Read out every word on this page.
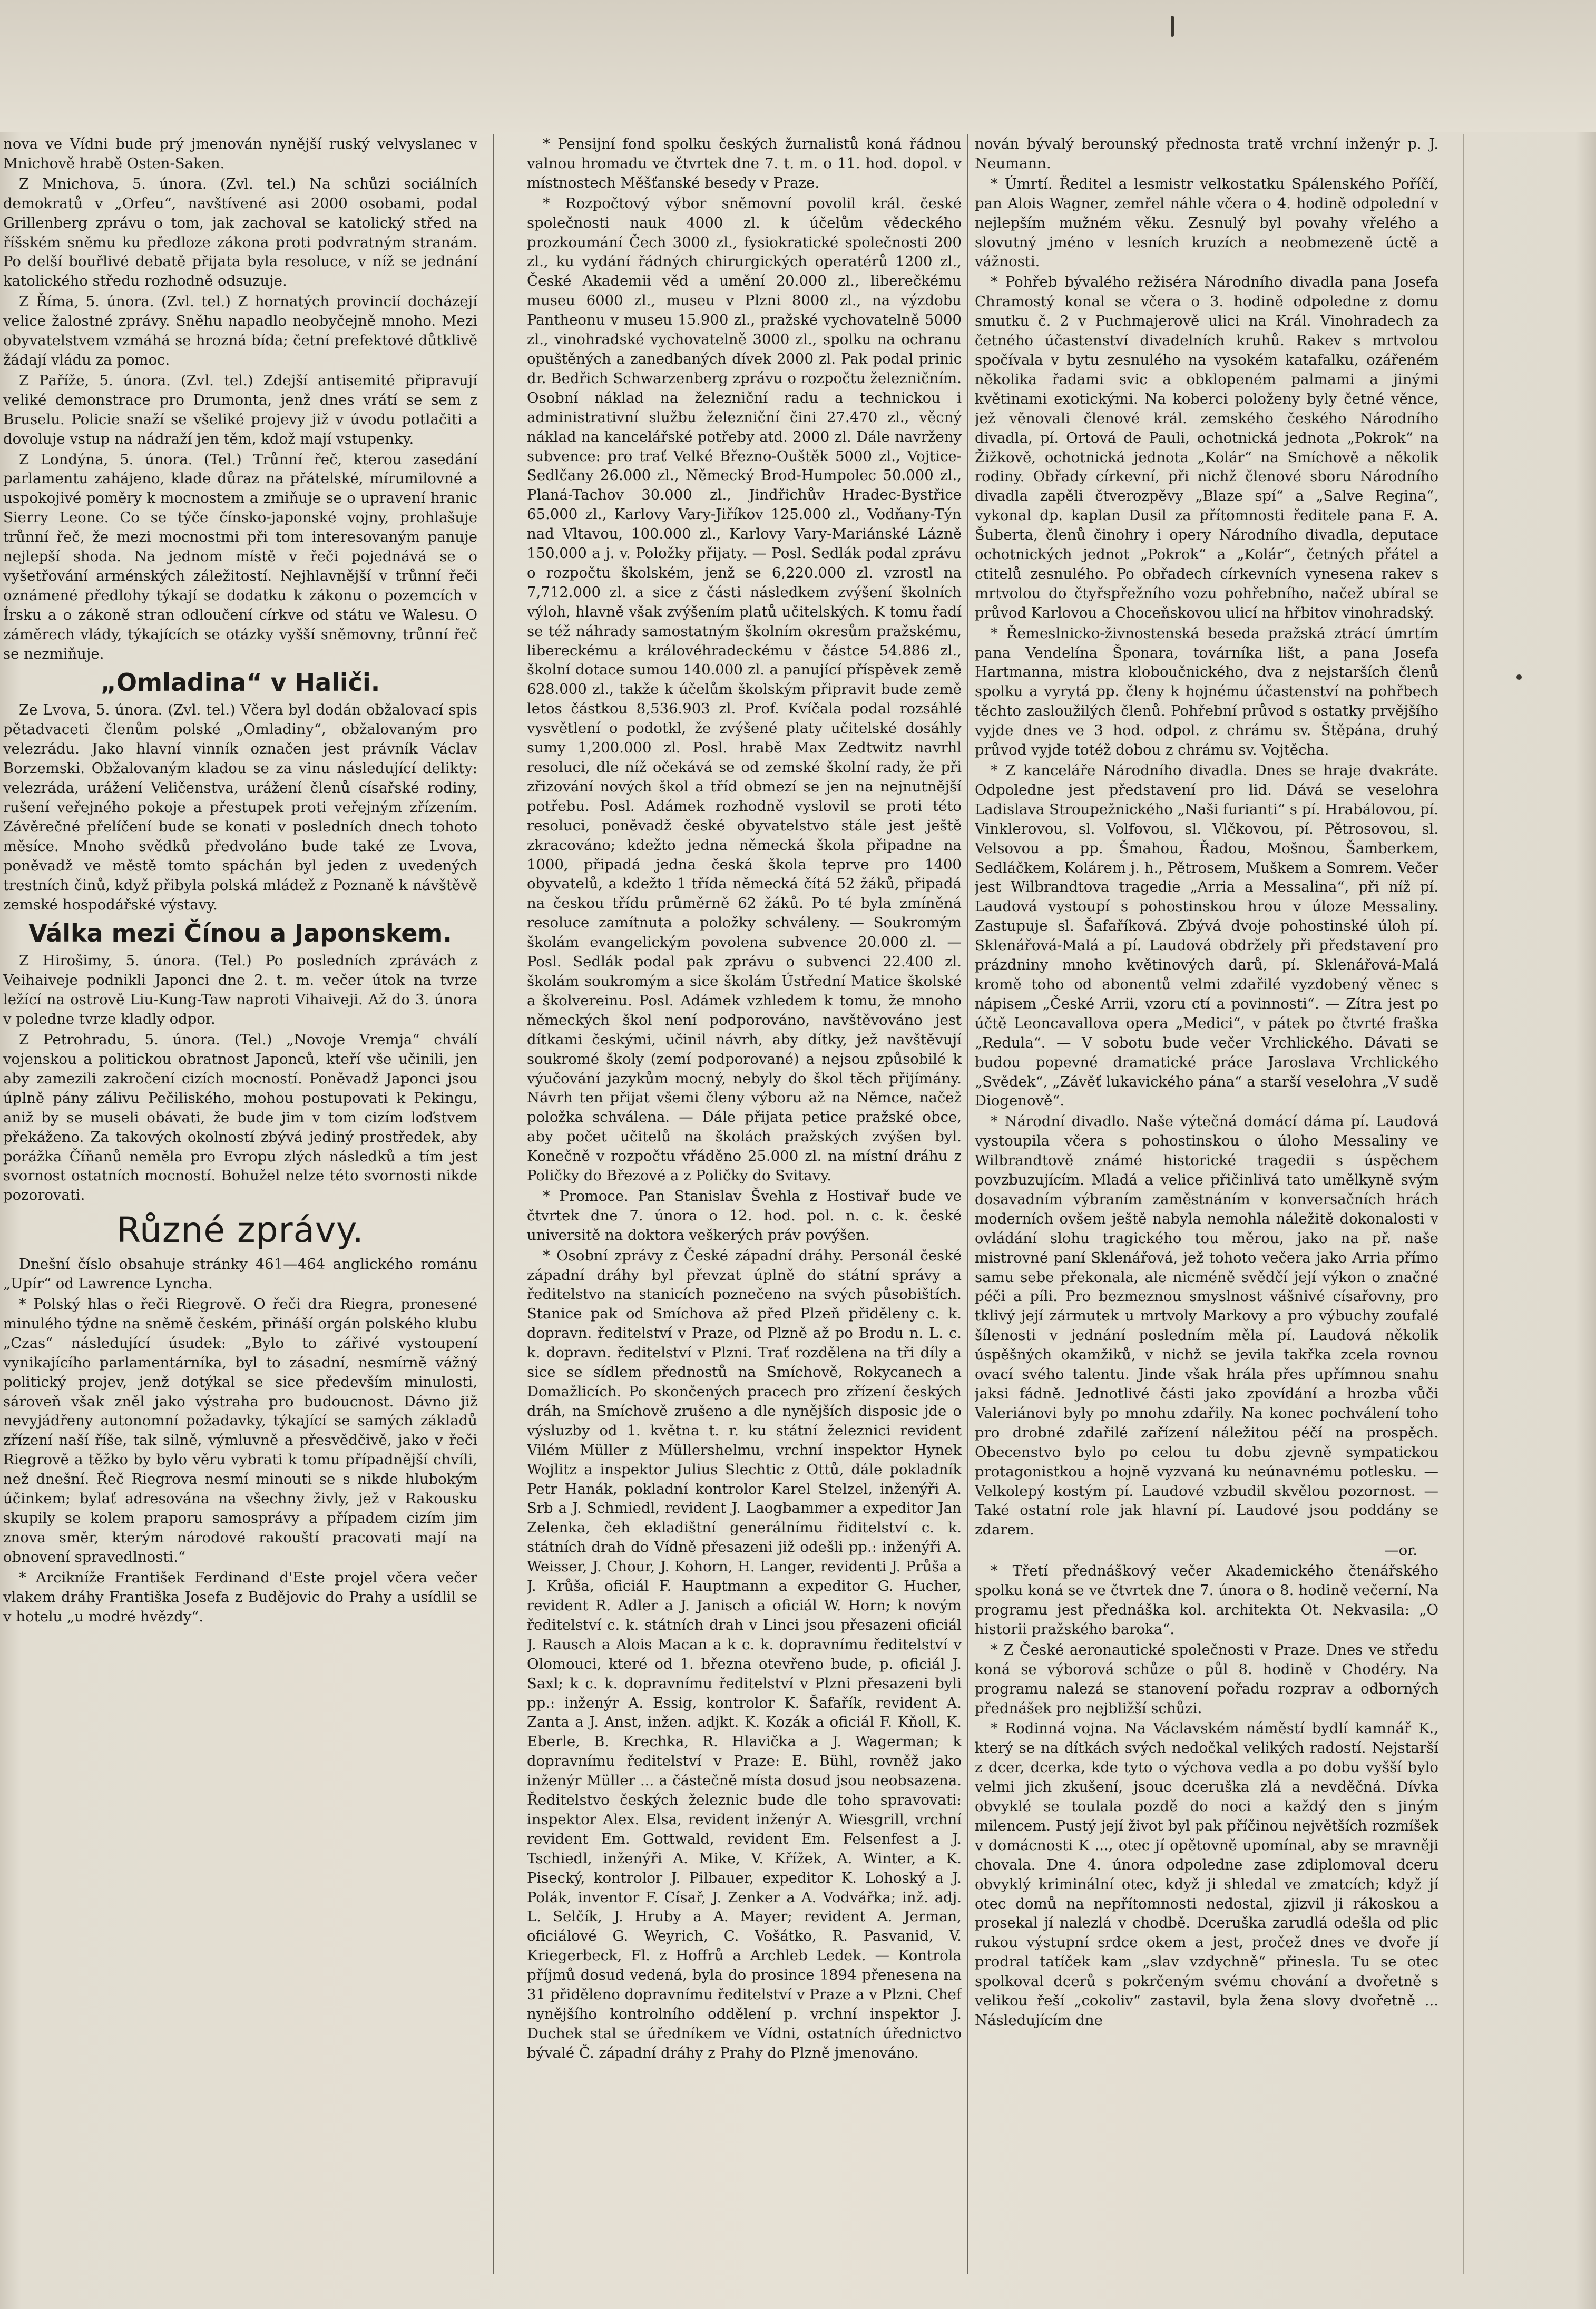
nova ve Vídni bude prý jmenován nynější ruský velvyslanec v Mnichově hrabě Osten-Saken.

Z Mnichova, 5. února. (Zvl. tel.) Na schůzi sociálních demokratů v „Orfeu“, navštívené asi 2000 osobami, podal Grillenberg zprávu o tom, jak zachoval se katolický střed na říšském sněmu ku předloze zákona proti podvratným stranám. Po delší bouřlivé debatě přijata byla resoluce, v níž se jednání katolického středu rozhodně odsuzuje.

Z Říma, 5. února. (Zvl. tel.) Z hornatých provincií docházejí velice žalostné zprávy. Sněhu napadlo neobyčejně mnoho. Mezi obyvatelstvem vzmáhá se hrozná bída; četní prefektové důtklivě žádají vládu za pomoc.

Z Paříže, 5. února. (Zvl. tel.) Zdejší antisemité připravují veliké demonstrace pro Drumonta, jenž dnes vrátí se sem z Bruselu. Policie snaží se všeliké projevy již v úvodu potlačiti a dovoluje vstup na nádraží jen těm, kdož mají vstupenky.

Z Londýna, 5. února. (Tel.) Trůnní řeč, kterou zasedání parlamentu zahájeno, klade důraz na přátelské, mírumilovné a uspokojivé poměry k mocnostem a zmiňuje se o upravení hranic Sierry Leone. Co se týče čínsko-japonské vojny, prohlašuje trůnní řeč, že mezi mocnostmi při tom interesovaným panuje nejlepší shoda. Na jednom místě v řeči pojednává se o vyšetřování arménských záležitostí. Nejhlavnější v trůnní řeči oznámené předlohy týkají se dodatku k zákonu o pozemcích v Írsku a o zákoně stran odloučení církve od státu ve Walesu. O záměrech vlády, týkajících se otázky vyšší sněmovny, trůnní řeč se nezmiňuje.

„Omladina“ v Haliči.

Ze Lvova, 5. února. (Zvl. tel.) Včera byl dodán obžalovací spis pětadvaceti členům polské „Omladiny“, obžalovaným pro velezrádu. Jako hlavní vinník označen jest právník Václav Borzemski. Obžalovaným kladou se za vinu následující delikty: velezráda, urážení Veličenstva, urážení členů císařské rodiny, rušení veřejného pokoje a přestupek proti veřejným zřízením. Závěrečné přelíčení bude se konati v posledních dnech tohoto měsíce. Mnoho svědků předvoláno bude také ze Lvova, poněvadž ve městě tomto spáchán byl jeden z uvedených trestních činů, když přibyla polská mládež z Poznaně k návštěvě zemské hospodářské výstavy.

Válka mezi Čínou a Japonskem.

Z Hirošimy, 5. února. (Tel.) Po posledních zprávách z Veihaiveje podnikli Japonci dne 2. t. m. večer útok na tvrze ležící na ostrově Liu-Kung-Taw naproti Vihaiveji. Až do 3. února v poledne tvrze kladly odpor.

Z Petrohradu, 5. února. (Tel.) „Novoje Vremja“ chválí vojenskou a politickou obratnost Japonců, kteří vše učinili, jen aby zamezili zakročení cizích mocností. Poněvadž Japonci jsou úplně pány zálivu Pečiliského, mohou postupovati k Pekingu, aniž by se museli obávati, že bude jim v tom cizím loďstvem překáženo. Za takových okolností zbývá jediný prostředek, aby porážka Číňanů neměla pro Evropu zlých následků a tím jest svornost ostatních mocností. Bohužel nelze této svornosti nikde pozorovati.

Různé zprávy.

Dnešní číslo obsahuje stránky 461—464 anglického románu „Upír“ od Lawrence Lyncha.

* Polský hlas o řeči Riegrově. O řeči dra Riegra, pronesené minulého týdne na sněmě českém, přináší orgán polského klubu „Czas“ následující úsudek: „Bylo to zářivé vystoupení vynikajícího parlamentárníka, byl to zásadní, nesmírně vážný politický projev, jenž dotýkal se sice především minulosti, sároveň však zněl jako výstraha pro budoucnost. Dávno již nevyjádřeny autonomní požadavky, týkající se samých základů zřízení naší říše, tak silně, výmluvně a přesvědčivě, jako v řeči Riegrově a těžko by bylo věru vybrati k tomu případnější chvíli, než dnešní. Řeč Riegrova nesmí minouti se s nikde hlubokým účinkem; bylať adresována na všechny živly, jež v Rakousku skupily se kolem praporu samosprávy a případem cizím jim znova směr, kterým národové rakouští pracovati mají na obnovení spravedlnosti.“

* Arcikníže František Ferdinand d'Este projel včera večer vlakem dráhy Františka Josefa z Budějovic do Prahy a usídlil se v hotelu „u modré hvězdy“.

* Pensijní fond spolku českých žurnalistů koná řádnou valnou hromadu ve čtvrtek dne 7. t. m. o 11. hod. dopol. v místnostech Měšťanské besedy v Praze.

* Rozpočtový výbor sněmovní povolil král. české společnosti nauk 4000 zl. k účelům vědeckého prozkoumání Čech 3000 zl., fysiokratické společnosti 200 zl., ku vydání řádných chirurgických operatérů 1200 zl., České Akademii věd a umění 20.000 zl., liberečkému museu 6000 zl., museu v Plzni 8000 zl., na výzdobu Pantheonu v museu 15.900 zl., pražské vychovatelně 5000 zl., vinohradské vychovatelně 3000 zl., spolku na ochranu opuštěných a zanedbaných dívek 2000 zl. Pak podal prinic dr. Bedřich Schwarzenberg zprávu o rozpočtu železničním. Osobní náklad na železniční radu a technickou i administrativní službu železniční čini 27.470 zl., věcný náklad na kancelářské potřeby atd. 2000 zl. Dále navrženy subvence: pro trať Velké Březno-Ouštěk 5000 zl., Vojtice-Sedlčany 26.000 zl., Německý Brod-Humpolec 50.000 zl., Planá-Tachov 30.000 zl., Jindřichův Hradec-Bystřice 65.000 zl., Karlovy Vary-Jiříkov 125.000 zl., Vodňany-Týn nad Vltavou, 100.000 zl., Karlovy Vary-Mariánské Lázně 150.000 a j. v. Položky přijaty. — Posl. Sedlák podal zprávu o rozpočtu školském, jenž se 6,220.000 zl. vzrostl na 7,712.000 zl. a sice z části následkem zvýšení školních výloh, hlavně však zvýšením platů učitelských. K tomu řadí se též náhrady samostatným školním okresům pražskému, libereckému a královéhradeckému v částce 54.886 zl., školní dotace sumou 140.000 zl. a panující příspěvek země 628.000 zl., takže k účelům školským připravit bude země letos částkou 8,536.903 zl. Prof. Kvíčala podal rozsáhlé vysvětlení o podotkl, že zvýšené platy učitelské dosáhly sumy 1,200.000 zl. Posl. hrabě Max Zedtwitz navrhl resoluci, dle níž očekává se od zemské školní rady, že při zřizování nových škol a tříd obmezí se jen na nejnutnější potřebu. Posl. Adámek rozhodně vyslovil se proti této resoluci, poněvadž české obyvatelstvo stále jest ještě zkracováno; kdežto jedna německá škola připadne na 1000, připadá jedna česká škola teprve pro 1400 obyvatelů, a kdežto 1 třída německá čítá 52 žáků, připadá na českou třídu průměrně 62 žáků. Po té byla zmíněná resoluce zamítnuta a položky schváleny. — Soukromým školám evangelickým povolena subvence 20.000 zl. — Posl. Sedlák podal pak zprávu o subvenci 22.400 zl. školám soukromým a sice školám Ústřední Matice školské a školvereinu. Posl. Adámek vzhledem k tomu, že mnoho německých škol není podporováno, navštěvováno jest dítkami českými, učinil návrh, aby dítky, jež navštěvují soukromé školy (zemí podporované) a nejsou způsobilé k výučování jazykům mocný, nebyly do škol těch přijímány. Návrh ten přijat všemi členy výboru až na Němce, načež položka schválena. — Dále přijata petice pražské obce, aby počet učitelů na školách pražských zvýšen byl. Konečně v rozpočtu vřáděno 25.000 zl. na místní dráhu z Poličky do Březové a z Poličky do Svitavy.

* Promoce. Pan Stanislav Švehla z Hostivař bude ve čtvrtek dne 7. února o 12. hod. pol. n. c. k. české universitě na doktora veškerých práv povýšen.

* Osobní zprávy z České západní dráhy. Personál české západní dráhy byl převzat úplně do státní správy a ředitelstvo na stanicích poznečeno na svých působištích. Stanice pak od Smíchova až před Plzeň přiděleny c. k. dopravn. ředitelství v Praze, od Plzně až po Brodu n. L. c. k. dopravn. ředitelství v Plzni. Trať rozdělena na tři díly a sice se sídlem přednostů na Smíchově, Rokycanech a Domažlicích. Po skončených pracech pro zřízení českých dráh, na Smíchově zrušeno a dle nynějších disposic jde o výsluzby od 1. května t. r. ku státní železnici revident Vilém Müller z Müllershelmu, vrchní inspektor Hynek Wojlitz a inspektor Julius Slechtic z Ottů, dále pokladník Petr Hanák, pokladní kontrolor Karel Stelzel, inženýři A. Srb a J. Schmiedl, revident J. Laogbammer a expeditor Jan Zelenka, čeh ekladištní generálnímu řiditelství c. k. státních drah do Vídně přesazeni již odešli pp.: inženýři A. Weisser, J. Chour, J. Kohorn, H. Langer, revidenti J. Průša a J. Krůša, oficiál F. Hauptmann a expeditor G. Hucher, revident R. Adler a J. Janisch a oficiál W. Horn; k novým ředitelství c. k. státních drah v Linci jsou přesazeni oficiál J. Rausch a Alois Macan a k c. k. dopravnímu ředitelství v Olomouci, které od 1. března otevřeno bude, p. oficiál J. Saxl; k c. k. dopravnímu ředitelství v Plzni přesazeni byli pp.: inženýr A. Essig, kontrolor K. Šafařík, revident A. Zanta a J. Anst, inžen. adjkt. K. Kozák a oficiál F. Kňoll, K. Eberle, B. Krechka, R. Hlavička a J. Wagerman; k dopravnímu ředitelství v Praze: E. Bühl, rovněž jako inženýr Müller ... a částečně místa dosud jsou neobsazena. Ředitelstvo českých železnic bude dle toho spravovati: inspektor Alex. Elsa, revident inženýr A. Wiesgrill, vrchní revident Em. Gottwald, revident Em. Felsenfest a J. Tschiedl, inženýři A. Mike, V. Křížek, A. Winter, a K. Pisecký, kontrolor J. Pilbauer, expeditor K. Lohoský a J. Polák, inventor F. Císař, J. Zenker a A. Vodvářka; inž. adj. L. Selčík, J. Hruby a A. Mayer; revident A. Jerman, oficiálové G. Weyrich, C. Vošátko, R. Pasvanid, V. Kriegerbeck, Fl. z Hoffrů a Archleb Ledek. — Kontrola příjmů dosud vedená, byla do prosince 1894 přenesena na 31 přiděleno dopravnímu ředitelství v Praze a v Plzni. Chef nynějšího kontrolního oddělení p. vrchní inspektor J. Duchek stal se úředníkem ve Vídni, ostatních úřednictvo bývalé Č. západní dráhy z Prahy do Plzně jmenováno.

nován bývalý berounský přednosta tratě vrchní inženýr p. J. Neumann.

* Úmrtí. Ředitel a lesmistr velkostatku Spálenského Poříčí, pan Alois Wagner, zemřel náhle včera o 4. hodině odpolední v nejlepším mužném věku. Zesnulý byl povahy vřelého a slovutný jméno v lesních kruzích a neobmezeně úctě a vážnosti.

* Pohřeb bývalého režiséra Národního divadla pana Josefa Chramostý konal se včera o 3. hodině odpoledne z domu smutku č. 2 v Puchmajerově ulici na Král. Vinohradech za četného účastenství divadelních kruhů. Rakev s mrtvolou spočívala v bytu zesnulého na vysokém katafalku, ozářeném několika řadami svic a obklopeném palmami a jinými květinami exotickými. Na koberci položeny byly četné věnce, jež věnovali členové král. zemského českého Národního divadla, pí. Ortová de Pauli, ochotnická jednota „Pokrok“ na Žižkově, ochotnická jednota „Kolár“ na Smíchově a několik rodiny. Obřady církevní, při nichž členové sboru Národního divadla zapěli čtverozpěvy „Blaze spí“ a „Salve Regina“, vykonal dp. kaplan Dusil za přítomnosti ředitele pana F. A. Šuberta, členů činohry i opery Národního divadla, deputace ochotnických jednot „Pokrok“ a „Kolár“, četných přátel a ctitelů zesnulého. Po obřadech církevních vynesena rakev s mrtvolou do čtyřspřežního vozu pohřebního, načež ubíral se průvod Karlovou a Choceňskovou ulicí na hřbitov vinohradský.

* Řemeslnicko-živnostenská beseda pražská ztrácí úmrtím pana Vendelína Šponara, továrníka lišt, a pana Josefa Hartmanna, mistra kloboučnického, dva z nejstarších členů spolku a vyrytá pp. členy k hojnému účastenství na pohřbech těchto zasloužilých členů. Pohřební průvod s ostatky prvějšího vyjde dnes ve 3 hod. odpol. z chrámu sv. Štěpána, druhý průvod vyjde totéž dobou z chrámu sv. Vojtěcha.

* Z kanceláře Národního divadla. Dnes se hraje dvakráte. Odpoledne jest představení pro lid. Dává se veselohra Ladislava Stroupežnického „Naši furianti“ s pí. Hrabálovou, pí. Vinklerovou, sl. Volfovou, sl. Vlčkovou, pí. Pětrosovou, sl. Velsovou a pp. Šmahou, Řadou, Mošnou, Šamberkem, Sedláčkem, Kolárem j. h., Pětrosem, Muškem a Somrem. Večer jest Wilbrandtova tragedie „Arria a Messalina“, při níž pí. Laudová vystoupí s pohostinskou hrou v úloze Messaliny. Zastupuje sl. Šafaříková. Zbývá dvoje pohostinské úloh pí. Sklenářová-Malá a pí. Laudová obdržely při představení pro prázdniny mnoho květinových darů, pí. Sklenářová-Malá kromě toho od abonentů velmi zdařilé vyzdobený věnec s nápisem „České Arrii, vzoru ctí a povinnosti“. — Zítra jest po účtě Leoncavallova opera „Medici“, v pátek po čtvrté fraška „Redula“. — V sobotu bude večer Vrchlického. Dávati se budou popevné dramatické práce Jaroslava Vrchlického „Svědek“, „Závěť lukavického pána“ a starší veselohra „V sudě Diogenově“.

* Národní divadlo. Naše výtečná domácí dáma pí. Laudová vystoupila včera s pohostinskou o úloho Messaliny ve Wilbrandtově známé historické tragedii s úspěchem povzbuzujícím. Mladá a velice přičinlivá tato umělkyně svým dosavadním výbraním zaměstnáním v konversačních hrách moderních ovšem ještě nabyla nemohla náležitě dokonalosti v ovládání slohu tragického tou měrou, jako na př. naše mistrovné paní Sklenářová, jež tohoto večera jako Arria přímo samu sebe překonala, ale nicméně svědčí její výkon o značné péči a píli. Pro bezmeznou smyslnost vášnivé císařovny, pro tklivý její zármutek u mrtvoly Markovy a pro výbuchy zoufalé šílenosti v jednání posledním měla pí. Laudová několik úspěšných okamžiků, v nichž se jevila takřka zcela rovnou ovací svého talentu. Jinde však hrála přes upřímnou snahu jaksi fádně. Jednotlivé části jako zpovídání a hrozba vůči Valeriánovi byly po mnohu zdařily. Na konec pochválení toho pro drobné zdařilé zařízení náležitou péčí na prospěch. Obecenstvo bylo po celou tu dobu zjevně sympatickou protagonistkou a hojně vyzvaná ku neúnavnému potlesku. — Velkolepý kostým pí. Laudové vzbudil skvělou pozornost. — Také ostatní role jak hlavní pí. Laudové jsou poddány se zdarem.

—or.

* Třetí přednáškový večer Akademického čtenářského spolku koná se ve čtvrtek dne 7. února o 8. hodině večerní. Na programu jest přednáška kol. architekta Ot. Nekvasila: „O historii pražského baroka“.

* Z České aeronautické společnosti v Praze. Dnes ve středu koná se výborová schůze o půl 8. hodině v Chodéry. Na programu nalezá se stanovení pořadu rozprav a odborných přednášek pro nejbližší schůzi.

* Rodinná vojna. Na Václavském náměstí bydlí kamnář K., který se na dítkách svých nedočkal velikých radostí. Nejstarší z dcer, dcerka, kde tyto o výchova vedla a po dobu vyšší bylo velmi jich zkušení, jsouc dceruška zlá a nevděčná. Dívka obvyklé se toulala pozdě do noci a každý den s jiným milencem. Pustý její život byl pak příčinou největších rozmíšek v domácnosti K ..., otec jí opětovně upomínal, aby se mravněji chovala. Dne 4. února odpoledne zase zdiplomoval dceru obvyklý kriminální otec, když ji shledal ve zmatcích; když jí otec domů na nepřítomnosti nedostal, zjizvil ji rákoskou a prosekal jí nalezlá v chodbě. Dceruška zarudlá odešla od plic rukou výstupní srdce okem a jest, pročež dnes ve dvoře jí prodral tatíček kam „slav vzdychně“ přinesla. Tu se otec spolkoval dcerů s pokrčeným svému chování a dvořetně s velikou řeší „cokoliv“ zastavil, byla žena slovy dvořetně ... Následujícím dne
